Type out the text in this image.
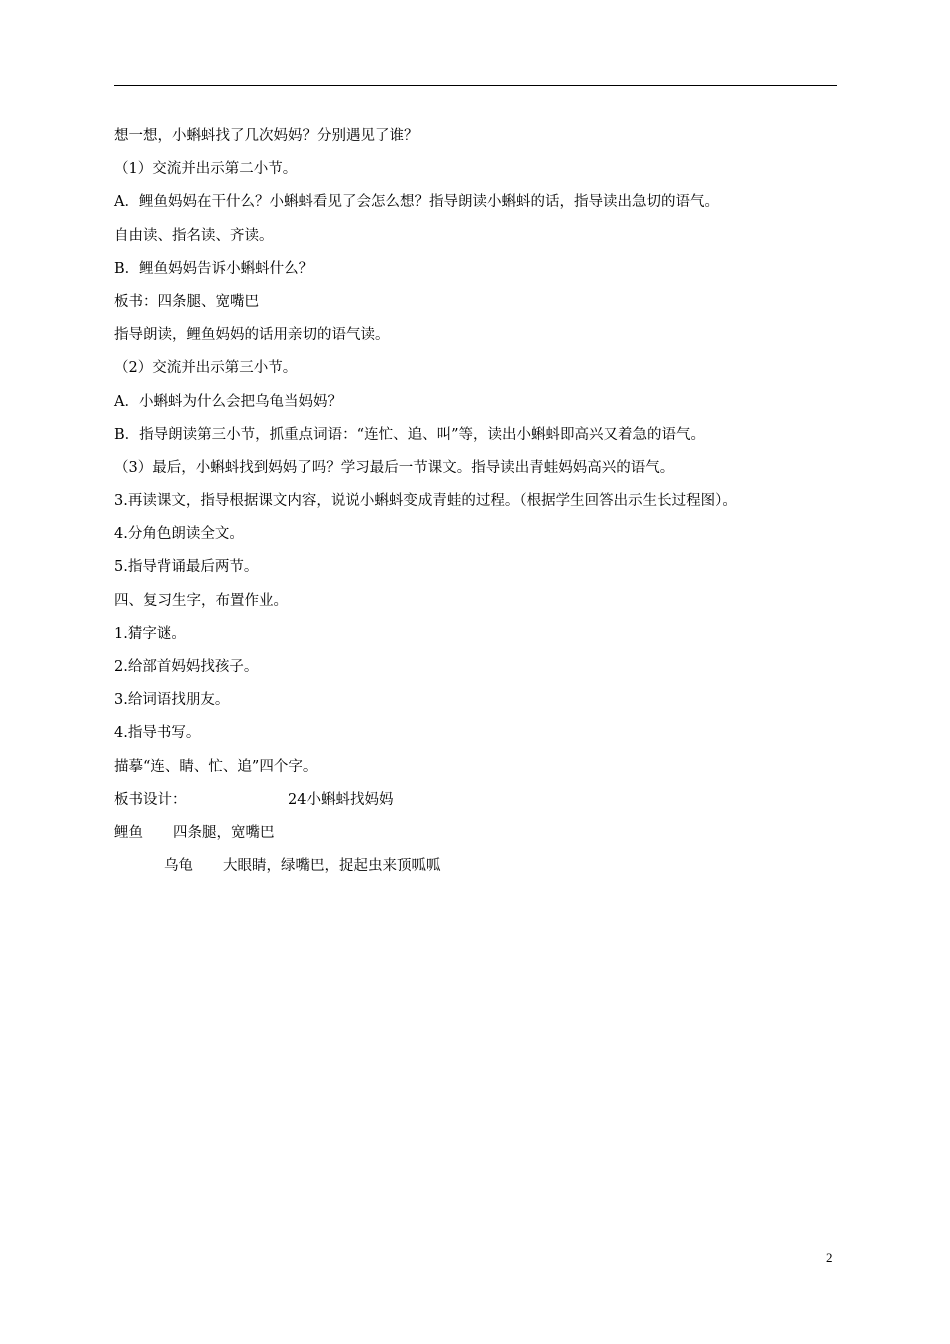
想一想，小蝌蚪找了几次妈妈？分别遇见了谁？
（1）交流并出示第二小节。
A．鲤鱼妈妈在干什么？小蝌蚪看见了会怎么想？指导朗读小蝌蚪的话，指导读出急切的语气。
自由读、指名读、齐读。
B．鲤鱼妈妈告诉小蝌蚪什么？
板书：四条腿、宽嘴巴
指导朗读，鲤鱼妈妈的话用亲切的语气读。
（2）交流并出示第三小节。
A．小蝌蚪为什么会把乌龟当妈妈？
B．指导朗读第三小节，抓重点词语：“连忙、追、叫”等，读出小蝌蚪即高兴又着急的语气。
（3）最后，小蝌蚪找到妈妈了吗？学习最后一节课文。指导读出青蛙妈妈高兴的语气。
3.再读课文，指导根据课文内容，说说小蝌蚪变成青蛙的过程。（根据学生回答出示生长过程图）。
4.分角色朗读全文。
5.指导背诵最后两节。
四、复习生字，布置作业。
1.猜字谜。
2.给部首妈妈找孩子。
3.给词语找朋友。
4.指导书写。
描摹“连、睛、忙、追”四个字。
板书设计：	24小蝌蚪找妈妈
鲤鱼 四条腿，宽嘴巴
乌龟 大眼睛，绿嘴巴，捉起虫来顶呱呱
2
